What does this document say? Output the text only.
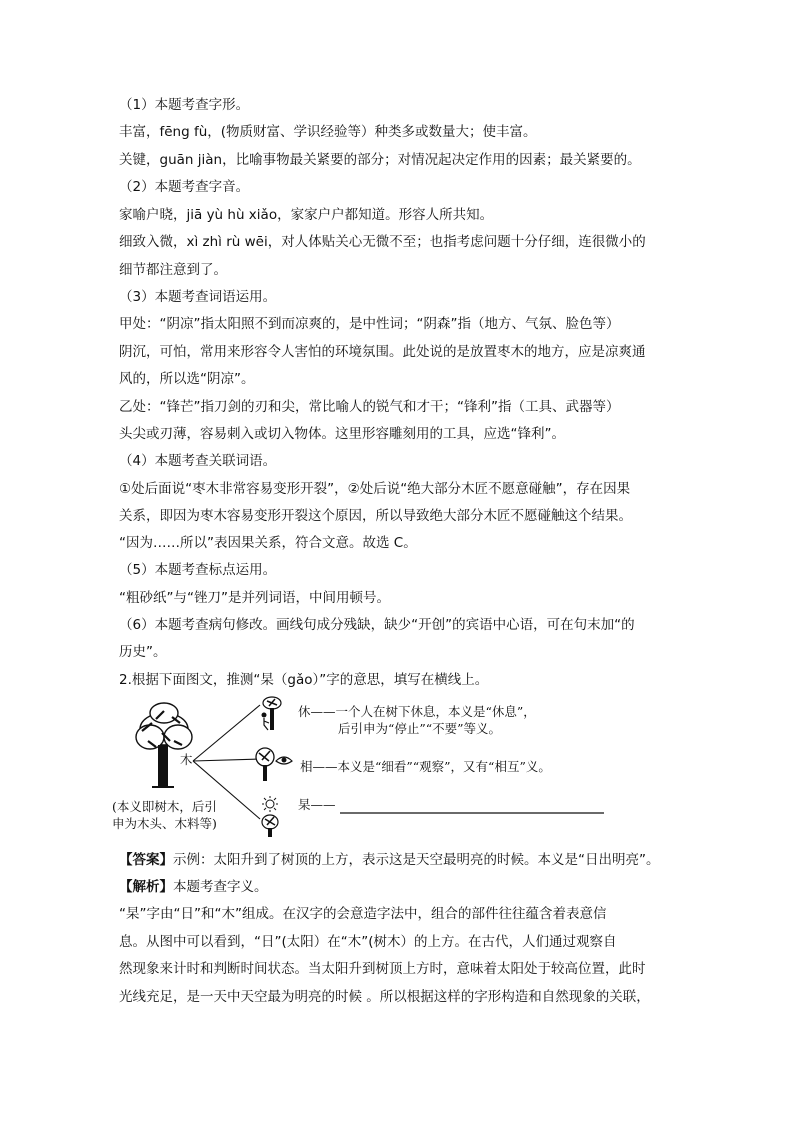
（1）本题考查字形。
丰富，fēng fù，(物质财富、学识经验等）种类多或数量大；使丰富。
关键，guān jiàn，比喻事物最关紧要的部分；对情况起决定作用的因素；最关紧要的。
（2）本题考查字音。
家喻户晓，jiā yù hù xiǎo，家家户户都知道。形容人所共知。
细致入微，xì zhì rù wēi，对人体贴关心无微不至；也指考虑问题十分仔细，连很微小的
细节都注意到了。
（3）本题考查词语运用。
甲处：“阴凉”指太阳照不到而凉爽的，是中性词；“阴森”指（地方、气氛、脸色等）
阴沉，可怕，常用来形容令人害怕的环境氛围。此处说的是放置枣木的地方，应是凉爽通
风的，所以选“阴凉”。
乙处：“锋芒”指刀剑的刃和尖，常比喻人的锐气和才干；“锋利”指（工具、武器等）
头尖或刃薄，容易刺入或切入物体。这里形容雕刻用的工具，应选“锋利”。
（4）本题考查关联词语。
①处后面说“枣木非常容易变形开裂”，②处后说“绝大部分木匠不愿意碰触”，存在因果
关系，即因为枣木容易变形开裂这个原因，所以导致绝大部分木匠不愿碰触这个结果。
“因为……所以”表因果关系，符合文意。故选 C。
（5）本题考查标点运用。
“粗砂纸”与“锉刀”是并列词语，中间用顿号。
（6）本题考查病句修改。画线句成分残缺，缺少“开创”的宾语中心语，可在句末加“的
历史”。
2.根据下面图文，推测“杲（gǎo）”字的意思，填写在横线上。
木
(本义即树木，后引
申为木头、木料等)
休——一个人在树下休息，本义是“休息”，
后引申为“停止”“不要”等义。
相——本义是“细看”“观察”，又有“相互”义。
杲——
【答案】示例：太阳升到了树顶的上方，表示这是天空最明亮的时候。本义是“日出明亮”。
【解析】本题考查字义。
“杲”字由“日”和“木”组成。在汉字的会意造字法中，组合的部件往往蕴含着表意信
息。从图中可以看到，“日”(太阳）在“木”(树木）的上方。在古代，人们通过观察自
然现象来计时和判断时间状态。当太阳升到树顶上方时，意味着太阳处于较高位置，此时
光线充足，是一天中天空最为明亮的时候 。所以根据这样的字形构造和自然现象的关联，
